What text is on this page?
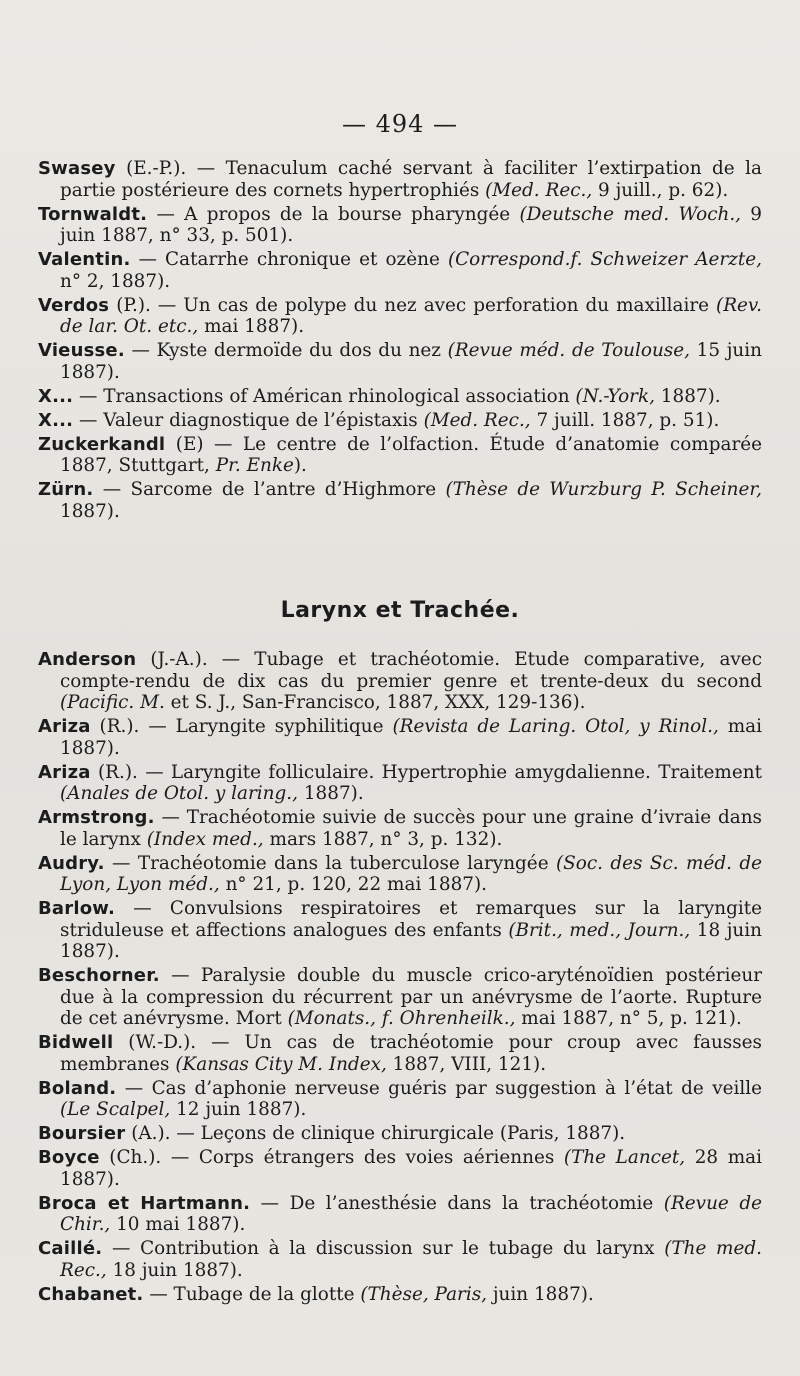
— 494 —

Swasey (E.-P.). — Tenaculum caché servant à faciliter l’extirpation de la partie postérieure des cornets hypertrophiés (Med. Rec., 9 juill., p. 62).

Tornwaldt. — A propos de la bourse pharyngée (Deutsche med. Woch., 9 juin 1887, n° 33, p. 501).

Valentin. — Catarrhe chronique et ozène (Correspond.f. Schweizer Aerzte, n° 2, 1887).

Verdos (P.). — Un cas de polype du nez avec perforation du maxillaire (Rev. de lar. Ot. etc., mai 1887).

Vieusse. — Kyste dermoïde du dos du nez (Revue méd. de Toulouse, 15 juin 1887).

X... — Transactions of Américan rhinological association (N.-York, 1887).

X... — Valeur diagnostique de l’épistaxis (Med. Rec., 7 juill. 1887, p. 51).

Zuckerkandl (E) — Le centre de l’olfaction. Étude d’anatomie comparée 1887, Stuttgart, Pr. Enke).

Zürn. — Sarcome de l’antre d’Highmore (Thèse de Wurzburg P. Scheiner, 1887).

Larynx et Trachée.

Anderson (J.-A.). — Tubage et trachéotomie. Etude comparative, avec compte-rendu de dix cas du premier genre et trente-deux du second (Pacific. M. et S. J., San-Francisco, 1887, XXX, 129-136).

Ariza (R.). — Laryngite syphilitique (Revista de Laring. Otol, y Rinol., mai 1887).

Ariza (R.). — Laryngite folliculaire. Hypertrophie amygdalienne. Traitement (Anales de Otol. y laring., 1887).

Armstrong. — Trachéotomie suivie de succès pour une graine d’ivraie dans le larynx (Index med., mars 1887, n° 3, p. 132).

Audry. — Trachéotomie dans la tuberculose laryngée (Soc. des Sc. méd. de Lyon, Lyon méd., n° 21, p. 120, 22 mai 1887).

Barlow. — Convulsions respiratoires et remarques sur la laryngite striduleuse et affections analogues des enfants (Brit., med., Journ., 18 juin 1887).

Beschorner. — Paralysie double du muscle crico-aryténoïdien postérieur due à la compression du récurrent par un anévrysme de l’aorte. Rupture de cet anévrysme. Mort (Monats., f. Ohrenheilk., mai 1887, n° 5, p. 121).

Bidwell (W.-D.). — Un cas de trachéotomie pour croup avec fausses membranes (Kansas City M. Index, 1887, VIII, 121).

Boland. — Cas d’aphonie nerveuse guéris par suggestion à l’état de veille (Le Scalpel, 12 juin 1887).

Boursier (A.). — Leçons de clinique chirurgicale (Paris, 1887).

Boyce (Ch.). — Corps étrangers des voies aériennes (The Lancet, 28 mai 1887).

Broca et Hartmann. — De l’anesthésie dans la trachéotomie (Revue de Chir., 10 mai 1887).

Caillé. — Contribution à la discussion sur le tubage du larynx (The med. Rec., 18 juin 1887).

Chabanet. — Tubage de la glotte (Thèse, Paris, juin 1887).
